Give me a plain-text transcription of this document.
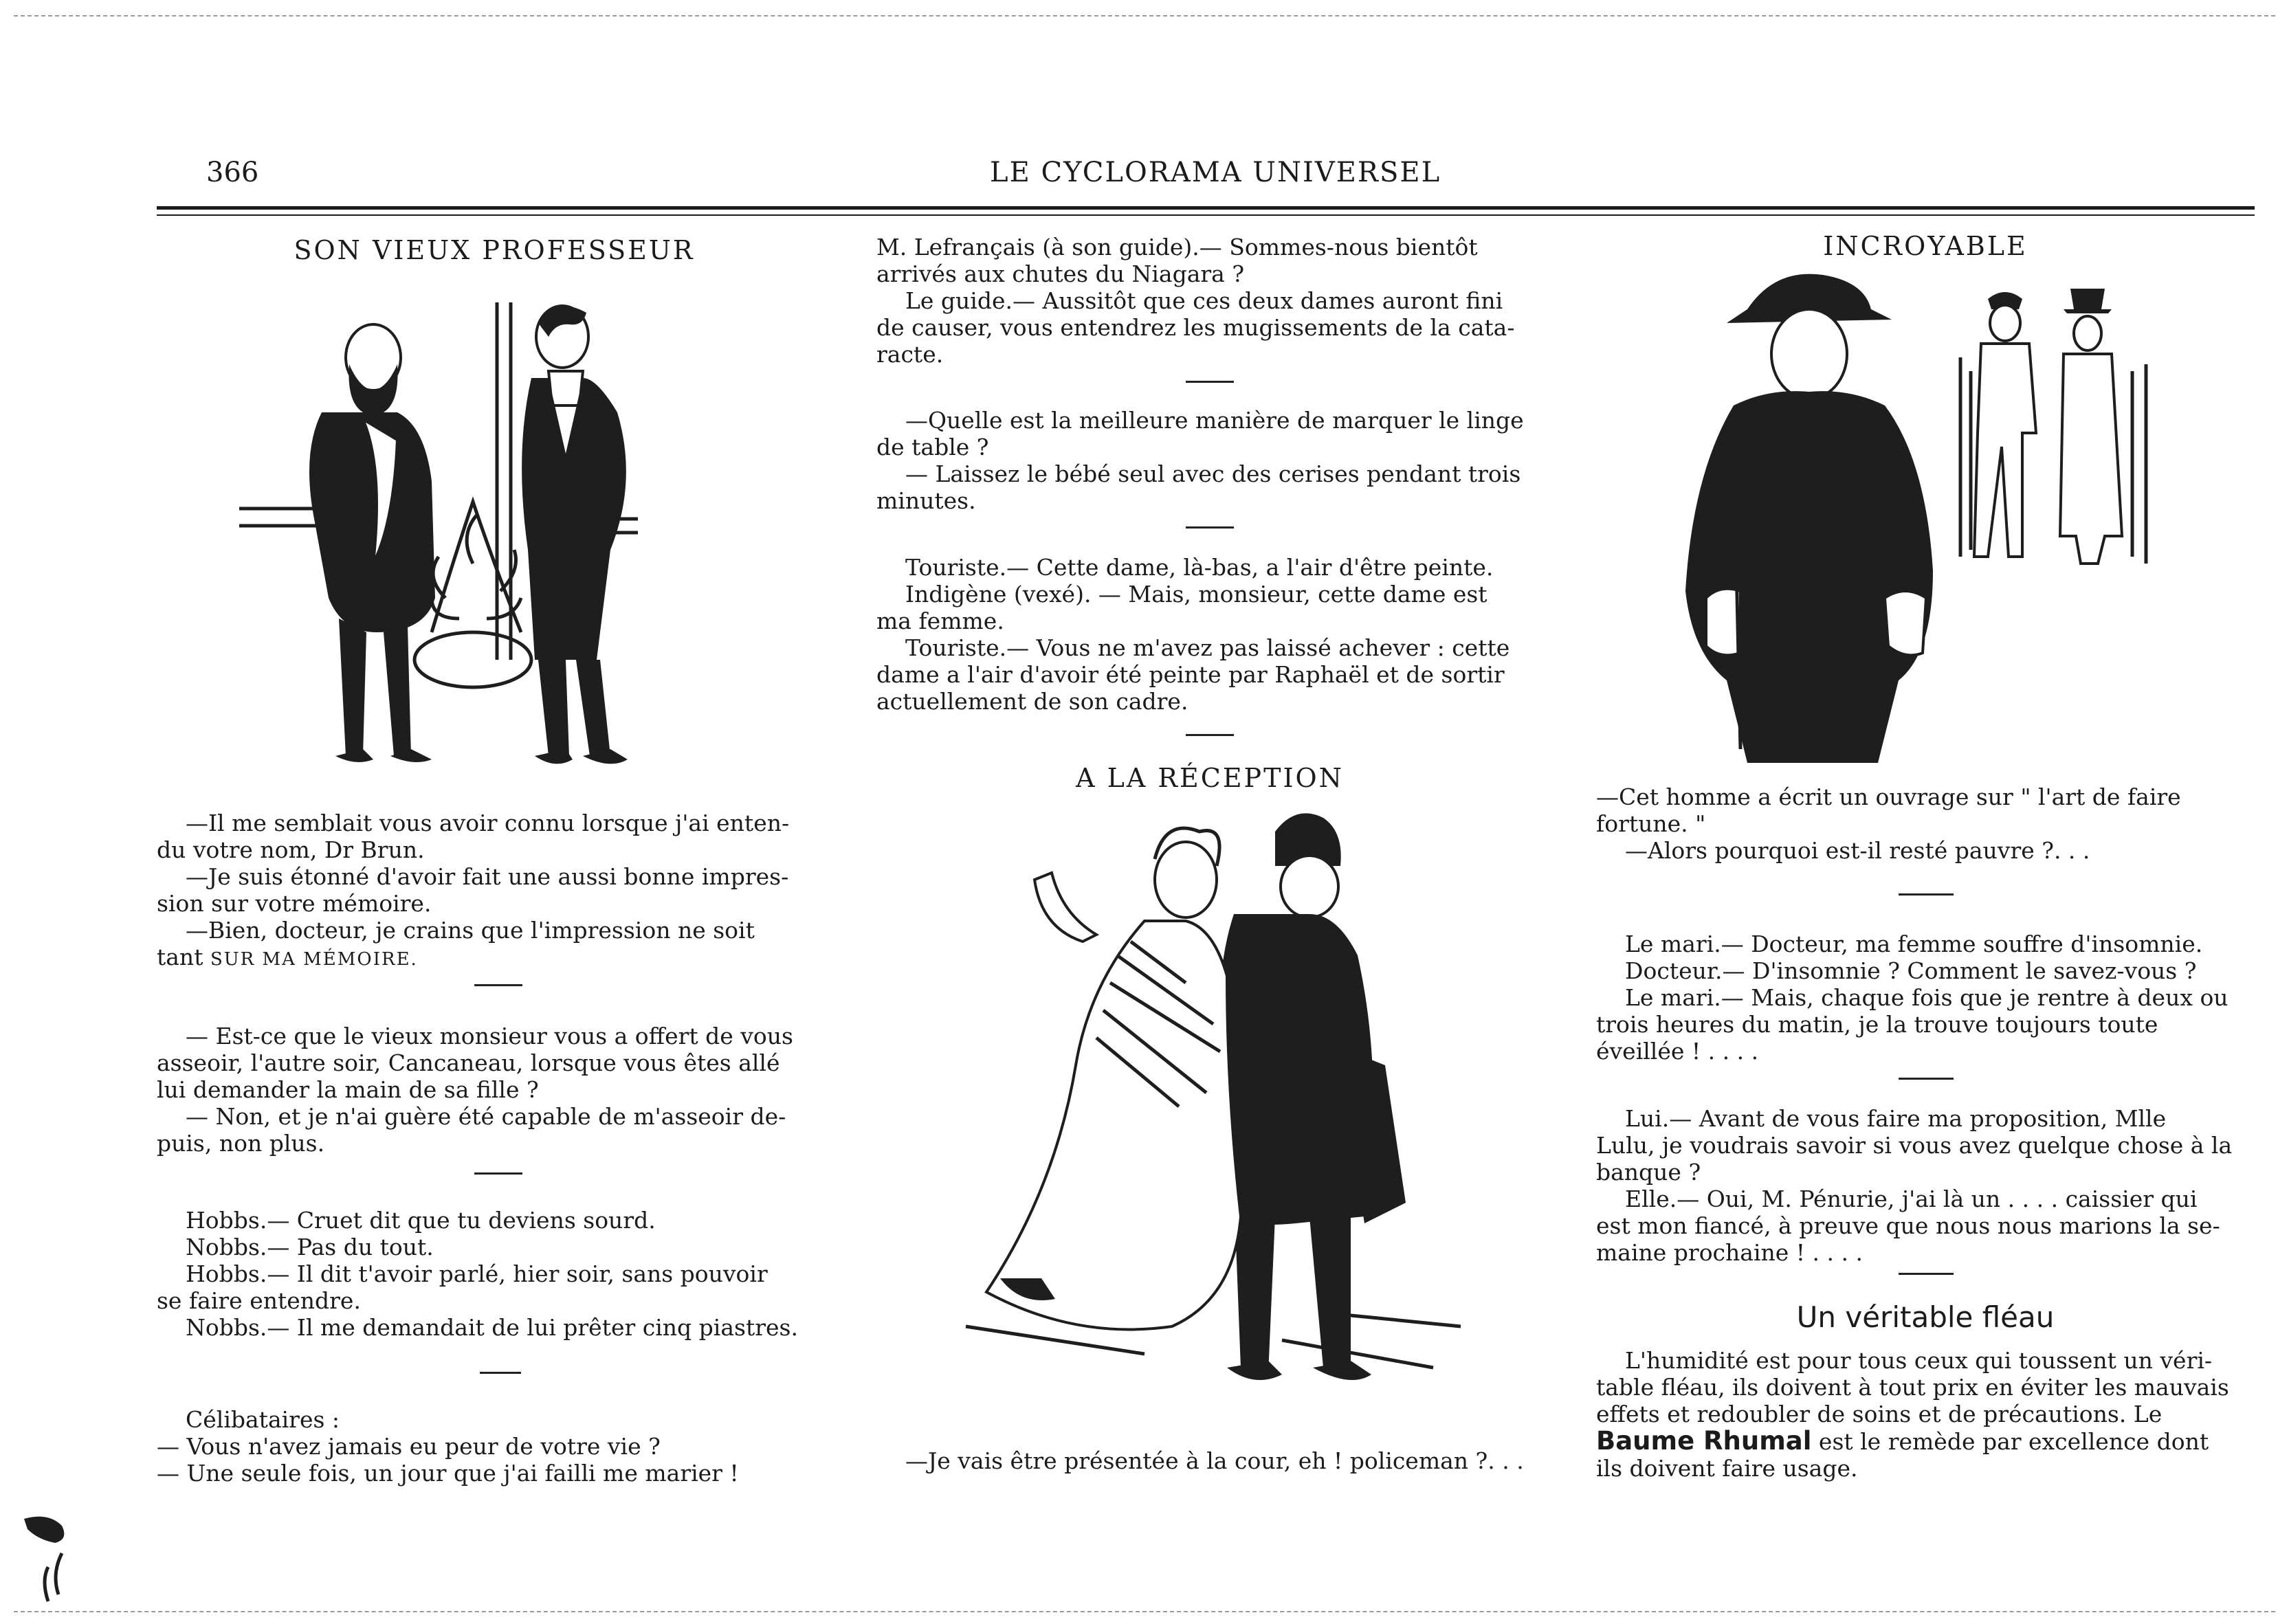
366	LE CYCLORAMA UNIVERSEL
SON VIEUX PROFESSEUR
—Il me semblait vous avoir connu lorsque j'ai enten-
du votre nom, Dr Brun.
—Je suis étonné d'avoir fait une aussi bonne impres-
sion sur votre mémoire.
—Bien, docteur, je crains que l'impression ne soit
tant SUR MA MÉMOIRE.
— Est-ce que le vieux monsieur vous a offert de vous
asseoir, l'autre soir, Cancaneau, lorsque vous êtes allé
lui demander la main de sa fille ?
— Non, et je n'ai guère été capable de m'asseoir de-
puis, non plus.
Hobbs.— Cruet dit que tu deviens sourd.
Nobbs.— Pas du tout.
Hobbs.— Il dit t'avoir parlé, hier soir, sans pouvoir
se faire entendre.
Nobbs.— Il me demandait de lui prêter cinq piastres.
Célibataires :
— Vous n'avez jamais eu peur de votre vie ?
— Une seule fois, un jour que j'ai failli me marier !
M. Lefrançais (à son guide).— Sommes-nous bientôt
arrivés aux chutes du Niagara ?
Le guide.— Aussitôt que ces deux dames auront fini
de causer, vous entendrez les mugissements de la cata-
racte.
—Quelle est la meilleure manière de marquer le linge
de table ?
— Laissez le bébé seul avec des cerises pendant trois
minutes.
Touriste.— Cette dame, là-bas, a l'air d'être peinte.
Indigène (vexé). — Mais, monsieur, cette dame est
ma femme.
Touriste.— Vous ne m'avez pas laissé achever : cette
dame a l'air d'avoir été peinte par Raphaël et de sortir
actuellement de son cadre.
A LA RÉCEPTION
—Je vais être présentée à la cour, eh ! policeman ?. . .
INCROYABLE
—Cet homme a écrit un ouvrage sur " l'art de faire
fortune. "
—Alors pourquoi est-il resté pauvre ?. . .
Le mari.— Docteur, ma femme souffre d'insomnie.
Docteur.— D'insomnie ? Comment le savez-vous ?
Le mari.— Mais, chaque fois que je rentre à deux ou
trois heures du matin, je la trouve toujours toute
éveillée ! . . . .
Lui.— Avant de vous faire ma proposition, Mlle
Lulu, je voudrais savoir si vous avez quelque chose à la
banque ?
Elle.— Oui, M. Pénurie, j'ai là un . . . . caissier qui
est mon fiancé, à preuve que nous nous marions la se-
maine prochaine ! . . . .
Un véritable fléau
L'humidité est pour tous ceux qui toussent un véri-
table fléau, ils doivent à tout prix en éviter les mauvais
effets et redoubler de soins et de précautions. Le
Baume Rhumal est le remède par excellence dont
ils doivent faire usage.
